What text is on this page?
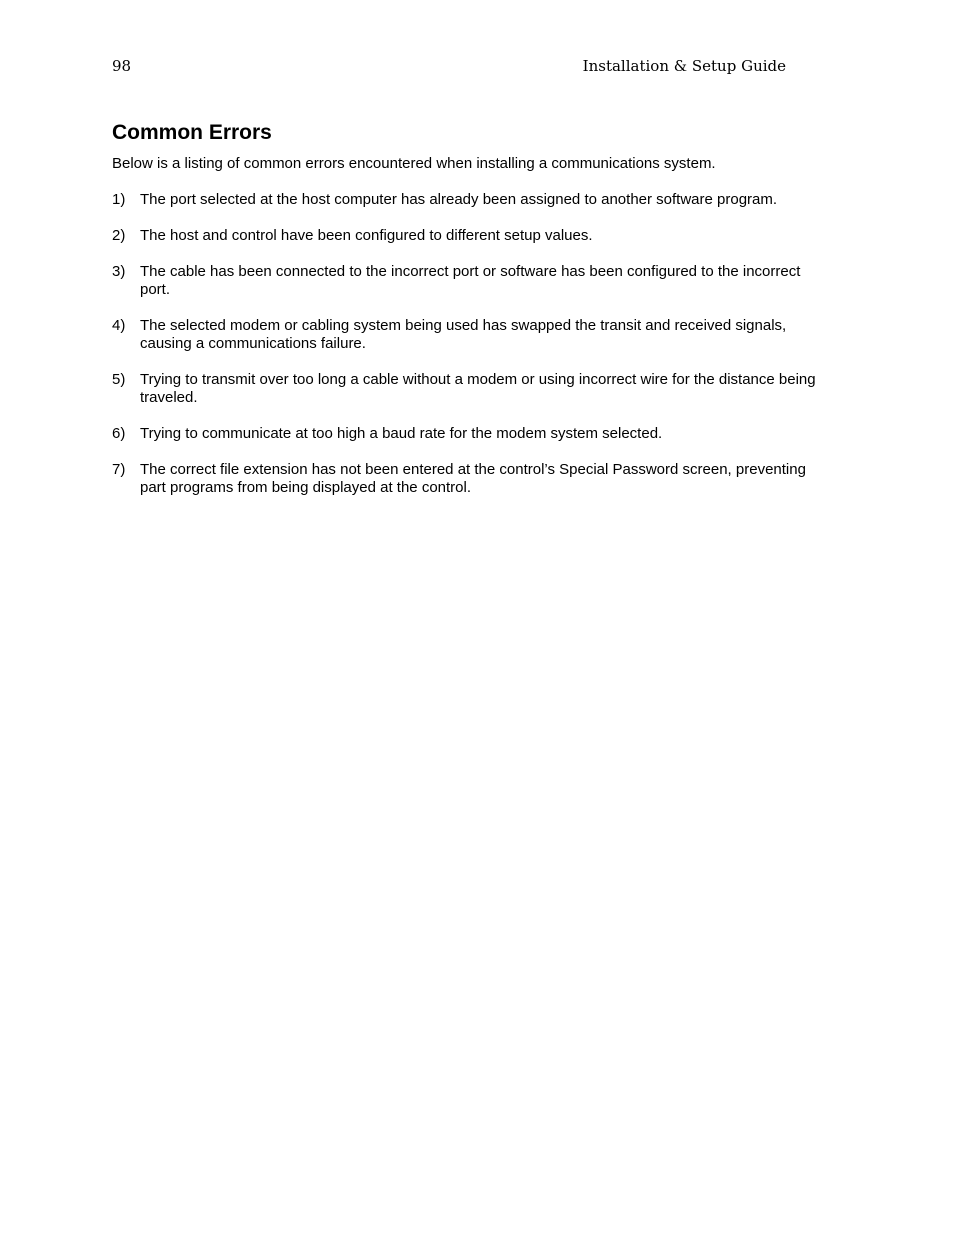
98	Installation & Setup Guide
Common Errors

Below is a listing of common errors encountered when installing a communications system.

1) The port selected at the host computer has already been assigned to another software program.
2) The host and control have been configured to different setup values.
3) The cable has been connected to the incorrect port or software has been configured to the incorrect port.
4) The selected modem or cabling system being used has swapped the transit and received signals, causing a communications failure.
5) Trying to transmit over too long a cable without a modem or using incorrect wire for the distance being traveled.
6) Trying to communicate at too high a baud rate for the modem system selected.
7) The correct file extension has not been entered at the control’s Special Password screen, preventing part programs from being displayed at the control.
